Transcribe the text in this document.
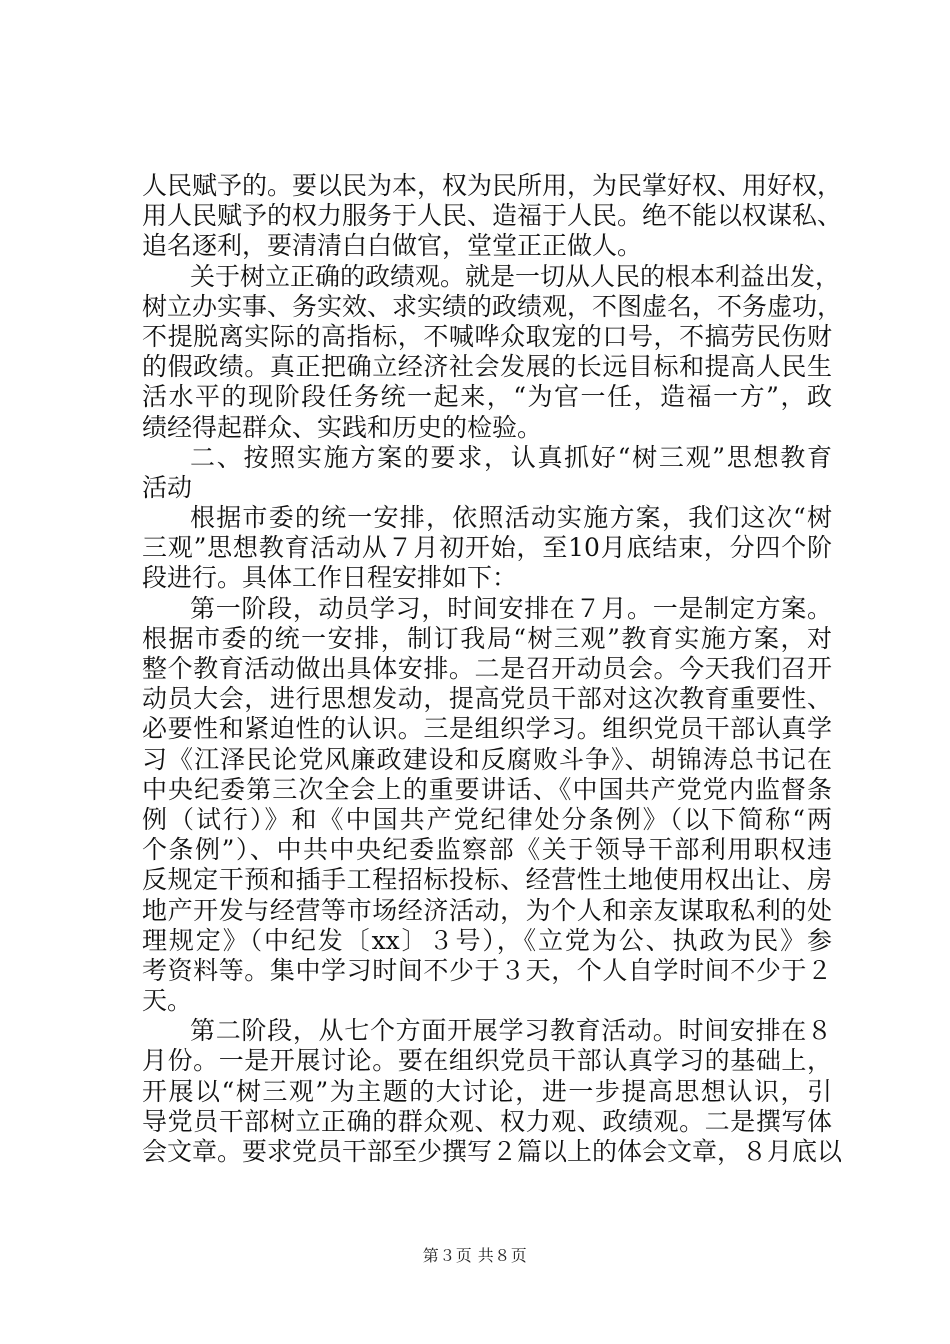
人民赋予的。要以民为本，权为民所用，为民掌好权、用好权，
用人民赋予的权力服务于人民、造福于人民。绝不能以权谋私、
追名逐利，要清清白白做官，堂堂正正做人。
关于树立正确的政绩观。就是一切从人民的根本利益出发，
树立办实事、务实效、求实绩的政绩观，不图虚名，不务虚功，
不提脱离实际的高指标，不喊哗众取宠的口号，不搞劳民伤财
的假政绩。真正把确立经济社会发展的长远目标和提高人民生
活水平的现阶段任务统一起来，“为官一任，造福一方”，政
绩经得起群众、实践和历史的检验。
二、按照实施方案的要求，认真抓好“树三观”思想教育
活动
根据市委的统一安排，依照活动实施方案，我们这次“树
三观”思想教育活动从７月初开始，至10月底结束，分四个阶
段进行。具体工作日程安排如下：
第一阶段，动员学习，时间安排在７月。一是制定方案。
根据市委的统一安排，制订我局“树三观”教育实施方案，对
整个教育活动做出具体安排。二是召开动员会。今天我们召开
动员大会，进行思想发动，提高党员干部对这次教育重要性、
必要性和紧迫性的认识。三是组织学习。组织党员干部认真学
习《江泽民论党风廉政建设和反腐败斗争》、胡锦涛总书记在
中央纪委第三次全会上的重要讲话、《中国共产党党内监督条
例（试行）》和《中国共产党纪律处分条例》（以下简称“两
个条例”）、中共中央纪委监察部《关于领导干部利用职权违
反规定干预和插手工程招标投标、经营性土地使用权出让、房
地产开发与经营等市场经济活动，为个人和亲友谋取私利的处
理规定》（中纪发〔xx〕３号），《立党为公、执政为民》参
考资料等。集中学习时间不少于３天，个人自学时间不少于２
天。
第二阶段，从七个方面开展学习教育活动。时间安排在８
月份。一是开展讨论。要在组织党员干部认真学习的基础上，
开展以“树三观”为主题的大讨论，进一步提高思想认识，引
导党员干部树立正确的群众观、权力观、政绩观。二是撰写体
会文章。要求党员干部至少撰写２篇以上的体会文章，８月底以
第３页 共８页
